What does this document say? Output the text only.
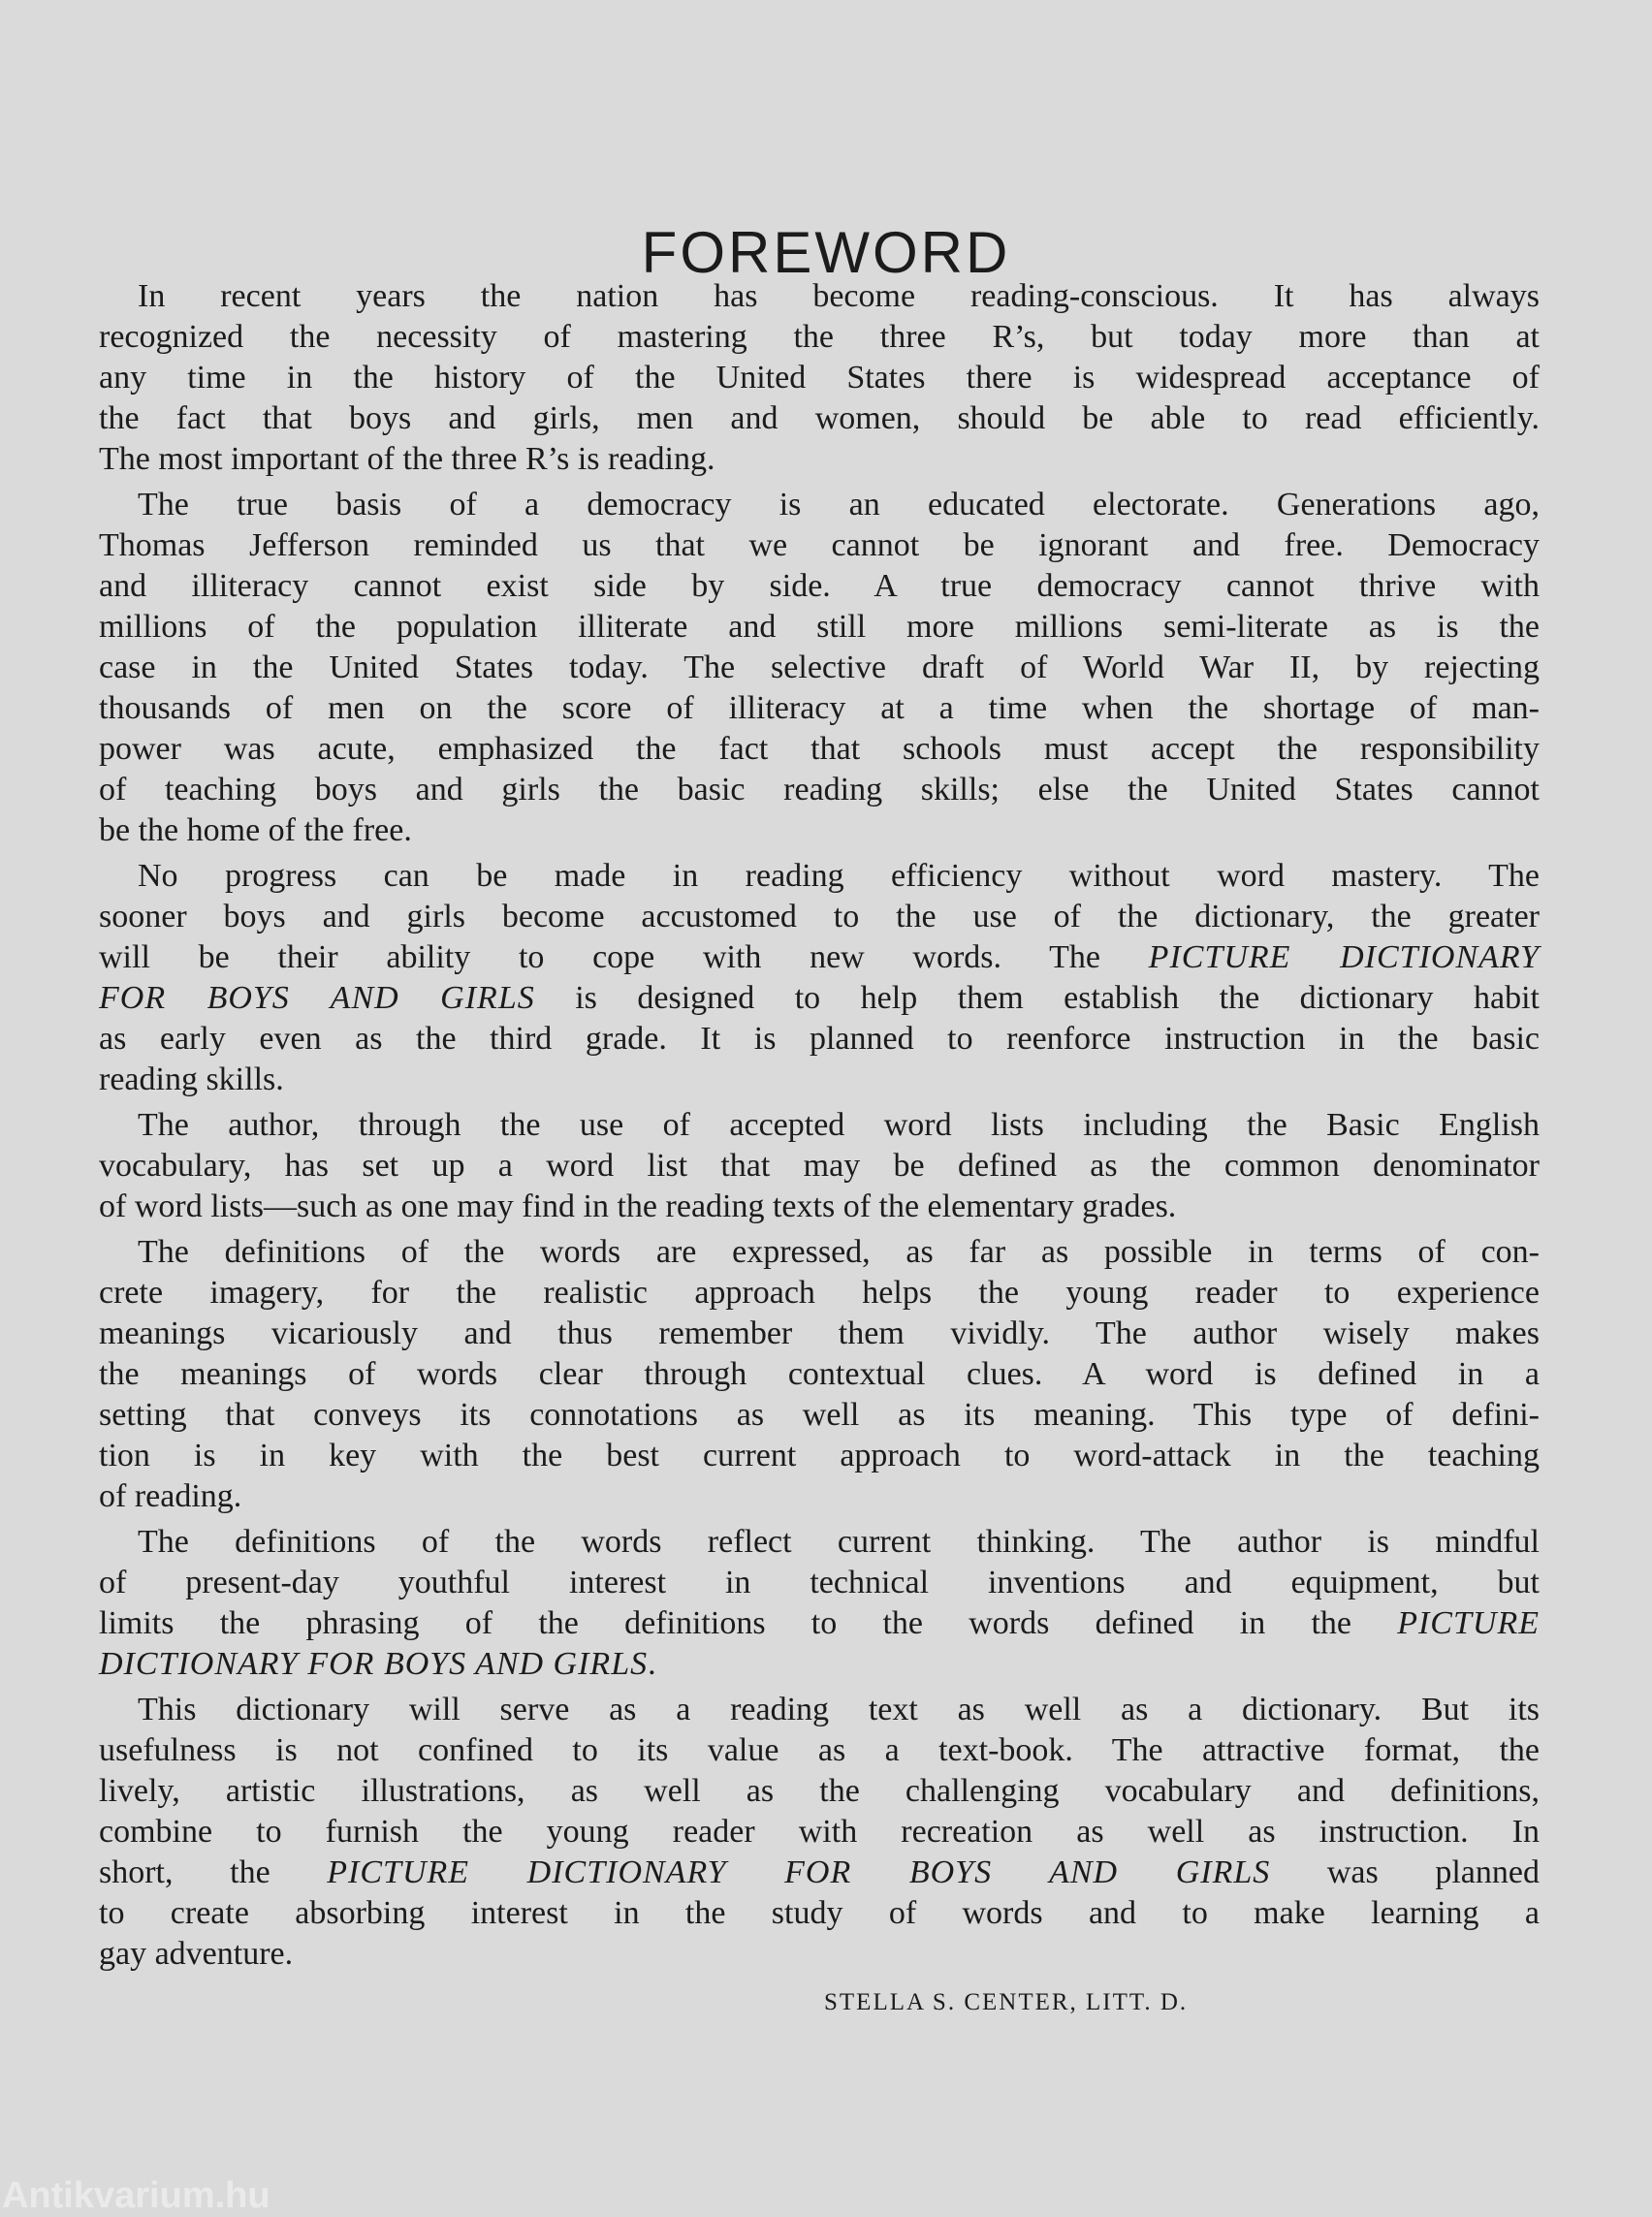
FOREWORD
In recent years the nation has become reading-conscious. It has always
recognized the necessity of mastering the three R’s, but today more than at
any time in the history of the United States there is widespread acceptance of
the fact that boys and girls, men and women, should be able to read efficiently.
The most important of the three R’s is reading.
The true basis of a democracy is an educated electorate. Generations ago,
Thomas Jefferson reminded us that we cannot be ignorant and free. Democracy
and illiteracy cannot exist side by side. A true democracy cannot thrive with
millions of the population illiterate and still more millions semi-literate as is the
case in the United States today. The selective draft of World War II, by rejecting
thousands of men on the score of illiteracy at a time when the shortage of man-
power was acute, emphasized the fact that schools must accept the responsibility
of teaching boys and girls the basic reading skills; else the United States cannot
be the home of the free.
No progress can be made in reading efficiency without word mastery. The
sooner boys and girls become accustomed to the use of the dictionary, the greater
will be their ability to cope with new words. The PICTURE DICTIONARY
FOR BOYS AND GIRLS is designed to help them establish the dictionary habit
as early even as the third grade. It is planned to reenforce instruction in the basic
reading skills.
The author, through the use of accepted word lists including the Basic English
vocabulary, has set up a word list that may be defined as the common denominator
of word lists—such as one may find in the reading texts of the elementary grades.
The definitions of the words are expressed, as far as possible in terms of con-
crete imagery, for the realistic approach helps the young reader to experience
meanings vicariously and thus remember them vividly. The author wisely makes
the meanings of words clear through contextual clues. A word is defined in a
setting that conveys its connotations as well as its meaning. This type of defini-
tion is in key with the best current approach to word-attack in the teaching
of reading.
The definitions of the words reflect current thinking. The author is mindful
of present-day youthful interest in technical inventions and equipment, but
limits the phrasing of the definitions to the words defined in the PICTURE
DICTIONARY FOR BOYS AND GIRLS.
This dictionary will serve as a reading text as well as a dictionary. But its
usefulness is not confined to its value as a text-book. The attractive format, the
lively, artistic illustrations, as well as the challenging vocabulary and definitions,
combine to furnish the young reader with recreation as well as instruction. In
short, the PICTURE DICTIONARY FOR BOYS AND GIRLS was planned
to create absorbing interest in the study of words and to make learning a
gay adventure.
STELLA S. CENTER, LITT. D.
Antikvarium.hu
